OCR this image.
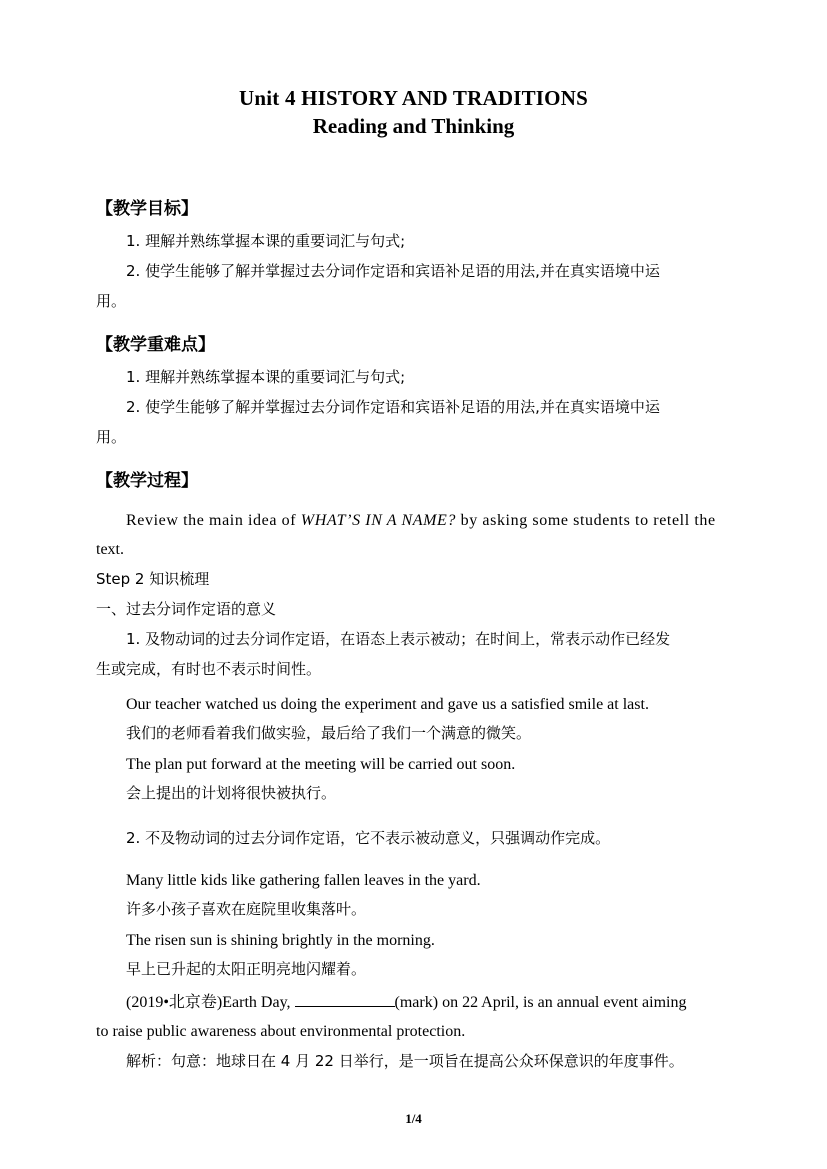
Unit 4 HISTORY AND TRADITIONS
Reading and Thinking
【教学目标】

1. 理解并熟练掌握本课的重要词汇与句式;

2. 使学生能够了解并掌握过去分词作定语和宾语补足语的用法,并在真实语境中运

用。

【教学重难点】

1. 理解并熟练掌握本课的重要词汇与句式;

2. 使学生能够了解并掌握过去分词作定语和宾语补足语的用法,并在真实语境中运

用。

【教学过程】

Review the main idea of WHAT’S IN A NAME? by asking some students to retell the

text.

Step 2 知识梳理

一、过去分词作定语的意义

1. 及物动词的过去分词作定语，在语态上表示被动；在时间上，常表示动作已经发

生或完成，有时也不表示时间性。

Our teacher watched us doing the experiment and gave us a satisfied smile at last.

我们的老师看着我们做实验，最后给了我们一个满意的微笑。

The plan put forward at the meeting will be carried out soon.

会上提出的计划将很快被执行。

2. 不及物动词的过去分词作定语，它不表示被动意义，只强调动作完成。

Many little kids like gathering fallen leaves in the yard.

许多小孩子喜欢在庭院里收集落叶。

The risen sun is shining brightly in the morning.

早上已升起的太阳正明亮地闪耀着。

(2019•北京卷)Earth Day,	(mark) on 22 April, is an annual event aiming

to raise public awareness about environmental protection.

解析：句意：地球日在 4 月 22 日举行，是一项旨在提高公众环保意识的年度事件。

1/4
